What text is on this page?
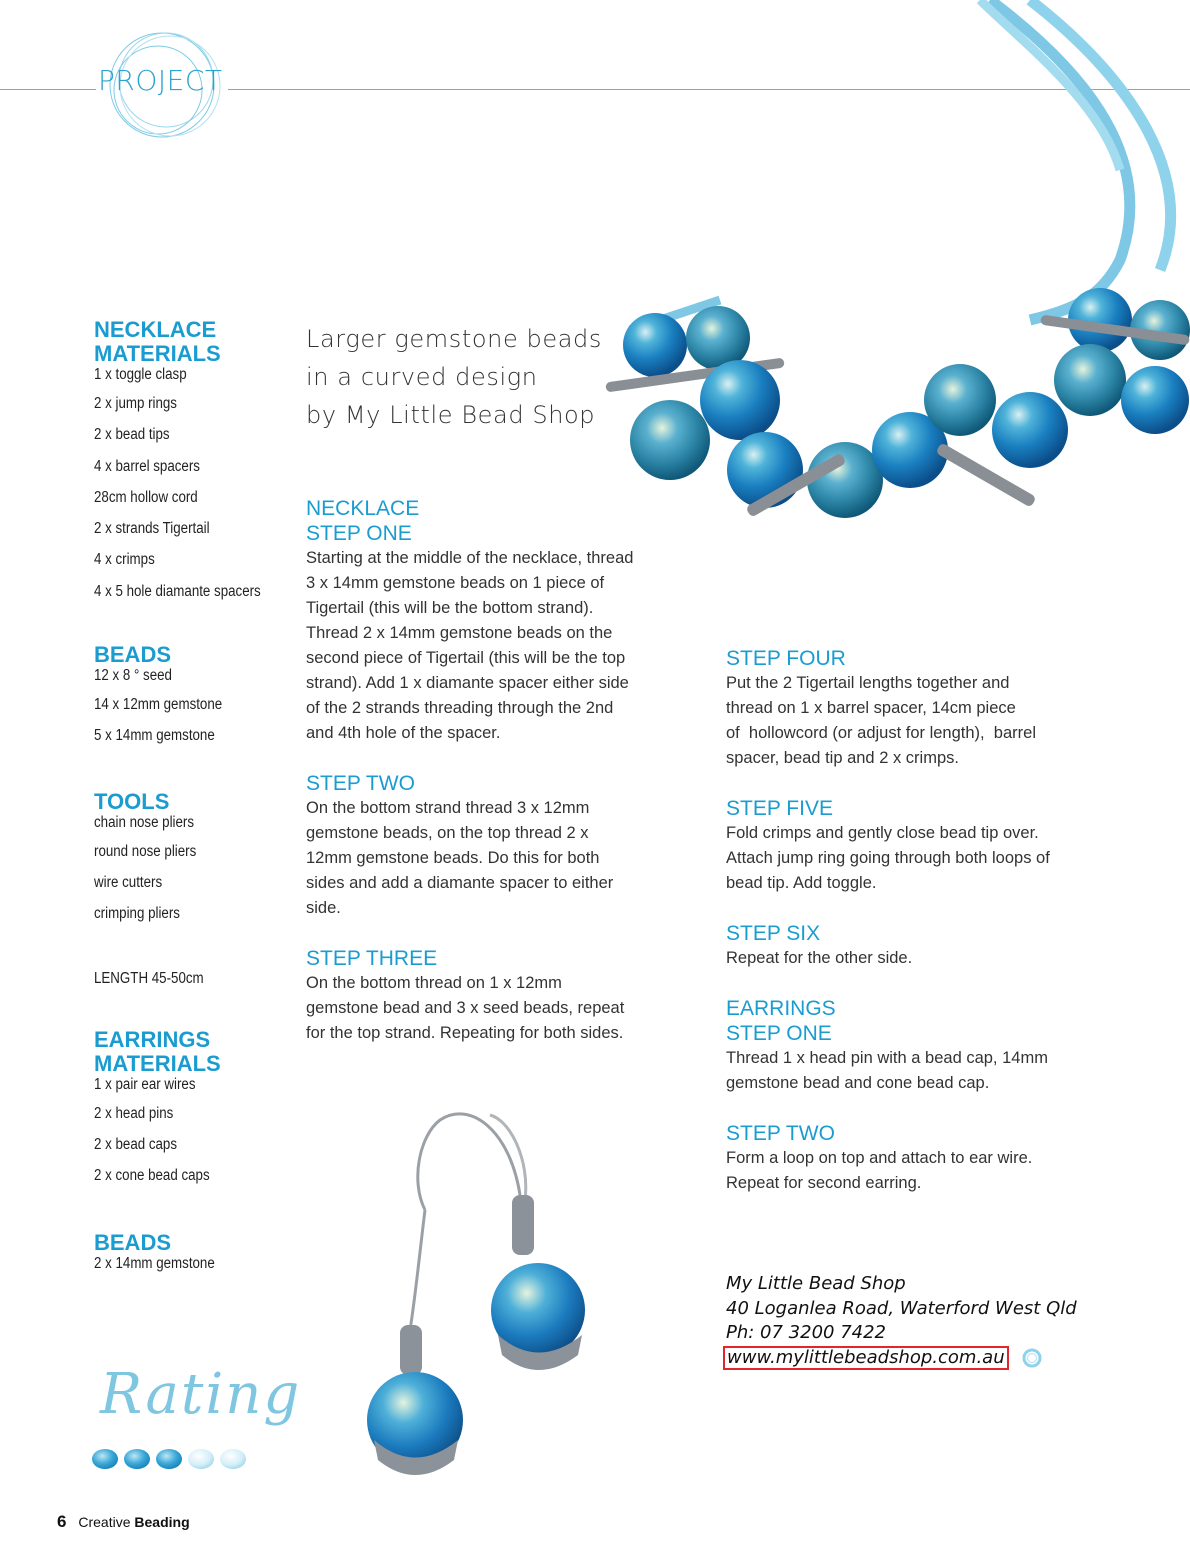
PROJECT
NECKLACE
MATERIALS
1 x toggle clasp
2 x jump rings
2 x bead tips
4 x barrel spacers
28cm hollow cord
2 x strands Tigertail
4 x crimps
4 x 5 hole diamante spacers
BEADS
12 x 8 ° seed
14 x 12mm gemstone
5 x 14mm gemstone
TOOLS
chain nose pliers
round nose pliers
wire cutters
crimping pliers
LENGTH 45-50cm
EARRINGS
MATERIALS
1 x pair ear wires
2 x head pins
2 x bead caps
2 x cone bead caps
BEADS
2 x 14mm gemstone
Larger gemstone beads
in a curved design
by My Little Bead Shop
NECKLACE
STEP ONE
Starting at the middle of the necklace, thread
3 x 14mm gemstone beads on 1 piece of
Tigertail (this will be the bottom strand).
Thread 2 x 14mm gemstone beads on the
second piece of Tigertail (this will be the top
strand). Add 1 x diamante spacer either side
of the 2 strands threading through the 2nd
and 4th hole of the spacer.
STEP TWO
On the bottom strand thread 3 x 12mm
gemstone beads, on the top thread 2 x
12mm gemstone beads. Do this for both
sides and add a diamante spacer to either
side.
STEP THREE
On the bottom thread on 1 x 12mm
gemstone bead and 3 x seed beads, repeat
for the top strand. Repeating for both sides.
STEP FOUR
Put the 2 Tigertail lengths together and
thread on 1 x barrel spacer, 14cm piece
of  hollowcord (or adjust for length),  barrel
spacer, bead tip and 2 x crimps.
STEP FIVE
Fold crimps and gently close bead tip over.
Attach jump ring going through both loops of
bead tip. Add toggle.
STEP SIX
Repeat for the other side.
EARRINGS
STEP ONE
Thread 1 x head pin with a bead cap, 14mm
gemstone bead and cone bead cap.
STEP TWO
Form a loop on top and attach to ear wire.
Repeat for second earring.
My Little Bead Shop
40 Loganlea Road, Waterford West Qld
Ph: 07 3200 7422
www.mylittlebeadshop.com.au
Rating
6 Creative Beading
